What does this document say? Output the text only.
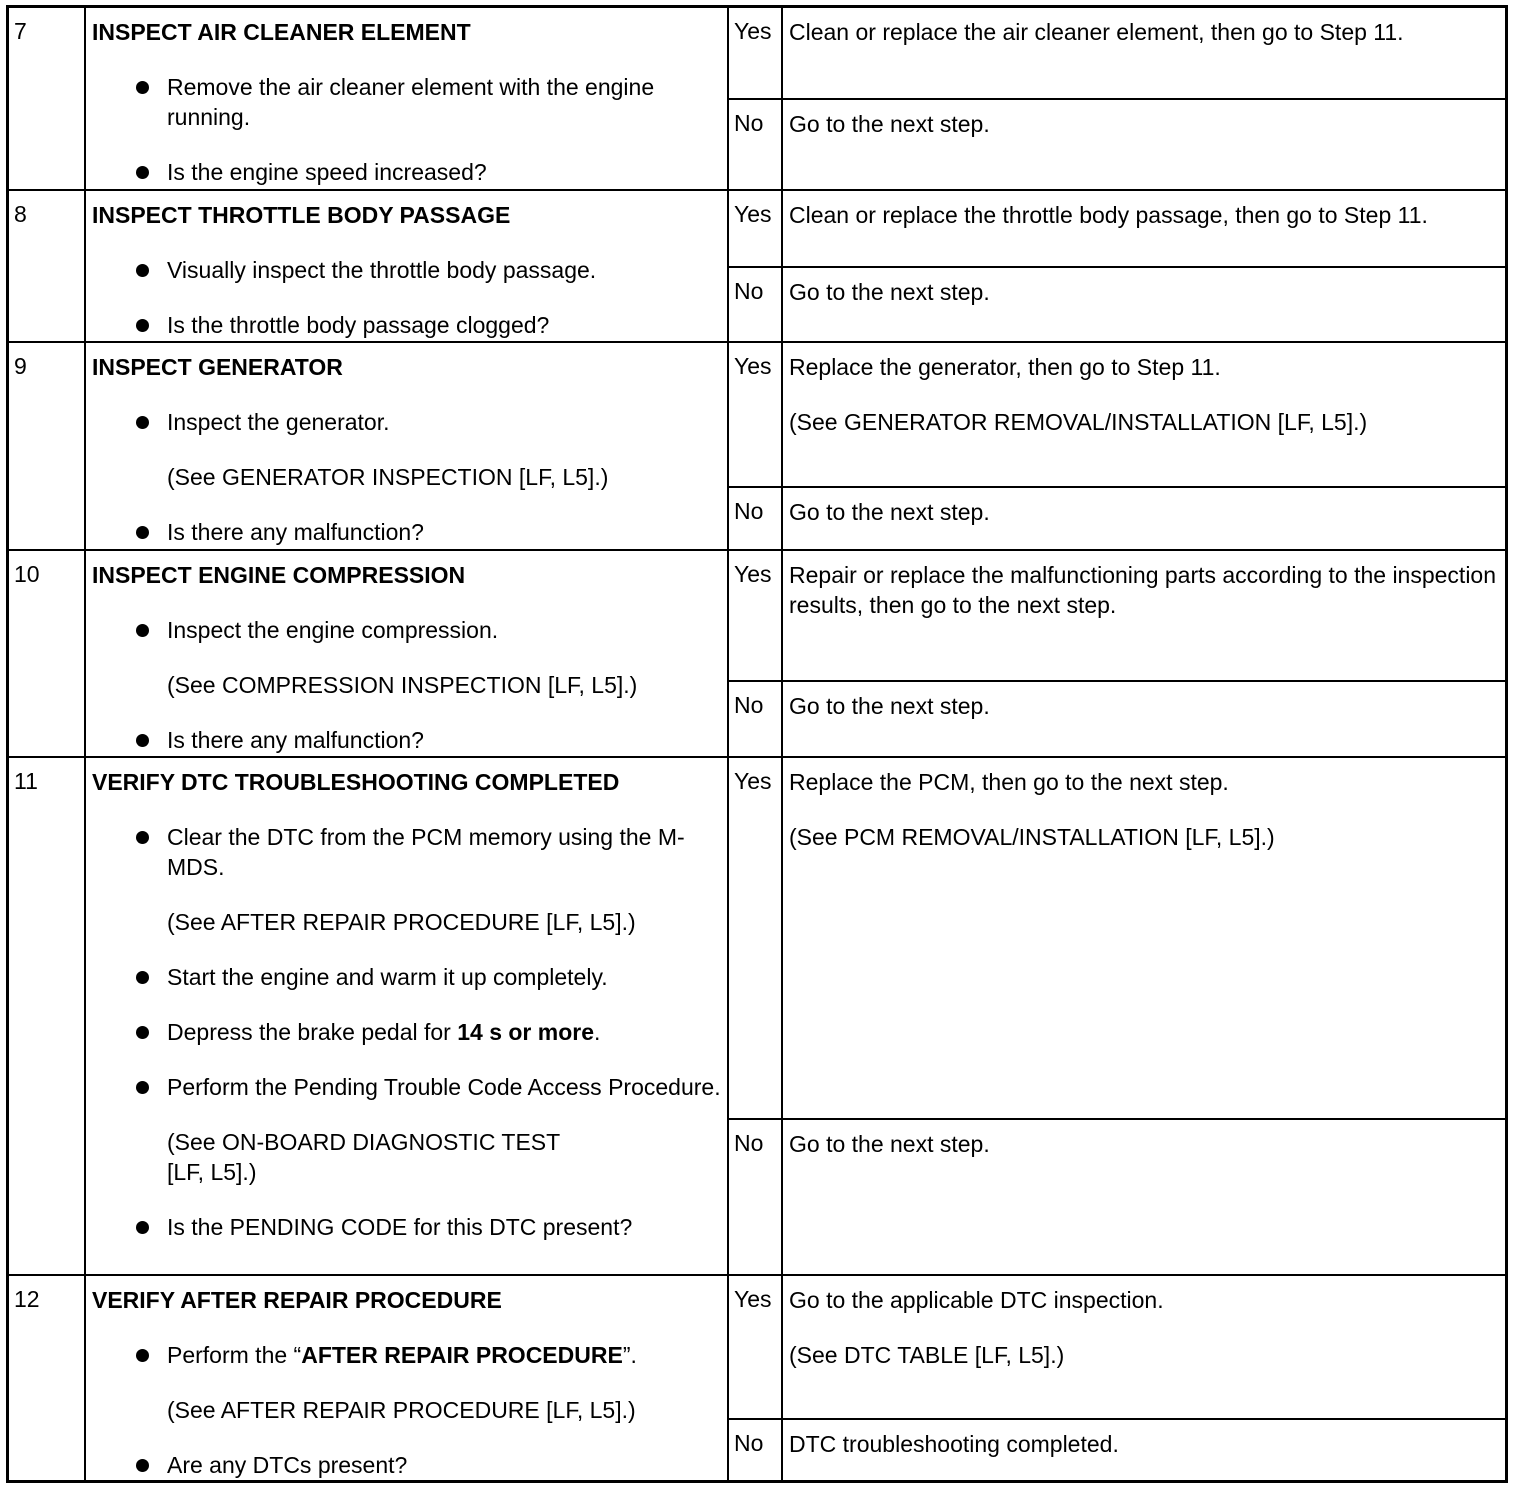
7	INSPECT AIR CLEANER ELEMENT
Remove the air cleaner element with the engine running.
Is the engine speed increased?
Yes Clean or replace the air cleaner element, then go to Step 11.
No	Go to the next step.
8	INSPECT THROTTLE BODY PASSAGE
Visually inspect the throttle body passage.
Is the throttle body passage clogged?
Yes Clean or replace the throttle body passage, then go to Step 11.
No	Go to the next step.
9	INSPECT GENERATOR
Inspect the generator.
(See GENERATOR INSPECTION [LF, L5].)
Is there any malfunction?
Yes Replace the generator, then go to Step 11.
(See GENERATOR REMOVAL/INSTALLATION [LF, L5].)
No	Go to the next step.
10	INSPECT ENGINE COMPRESSION
Inspect the engine compression.
(See COMPRESSION INSPECTION [LF, L5].)
Is there any malfunction?
Yes Repair or replace the malfunctioning parts according to the inspection results, then go to the next step.
No	Go to the next step.
11	VERIFY DTC TROUBLESHOOTING COMPLETED
Clear the DTC from the PCM memory using the M-MDS.
(See AFTER REPAIR PROCEDURE [LF, L5].)
Start the engine and warm it up completely.
Depress the brake pedal for 14 s or more.
Perform the Pending Trouble Code Access Procedure.
(See ON-BOARD DIAGNOSTIC TEST [LF, L5].)
Is the PENDING CODE for this DTC present?
Yes Replace the PCM, then go to the next step.
(See PCM REMOVAL/INSTALLATION [LF, L5].)
No	Go to the next step.
12	VERIFY AFTER REPAIR PROCEDURE
Perform the “AFTER REPAIR PROCEDURE”.
(See AFTER REPAIR PROCEDURE [LF, L5].)
Are any DTCs present?
Yes Go to the applicable DTC inspection.
(See DTC TABLE [LF, L5].)
No	DTC troubleshooting completed.
